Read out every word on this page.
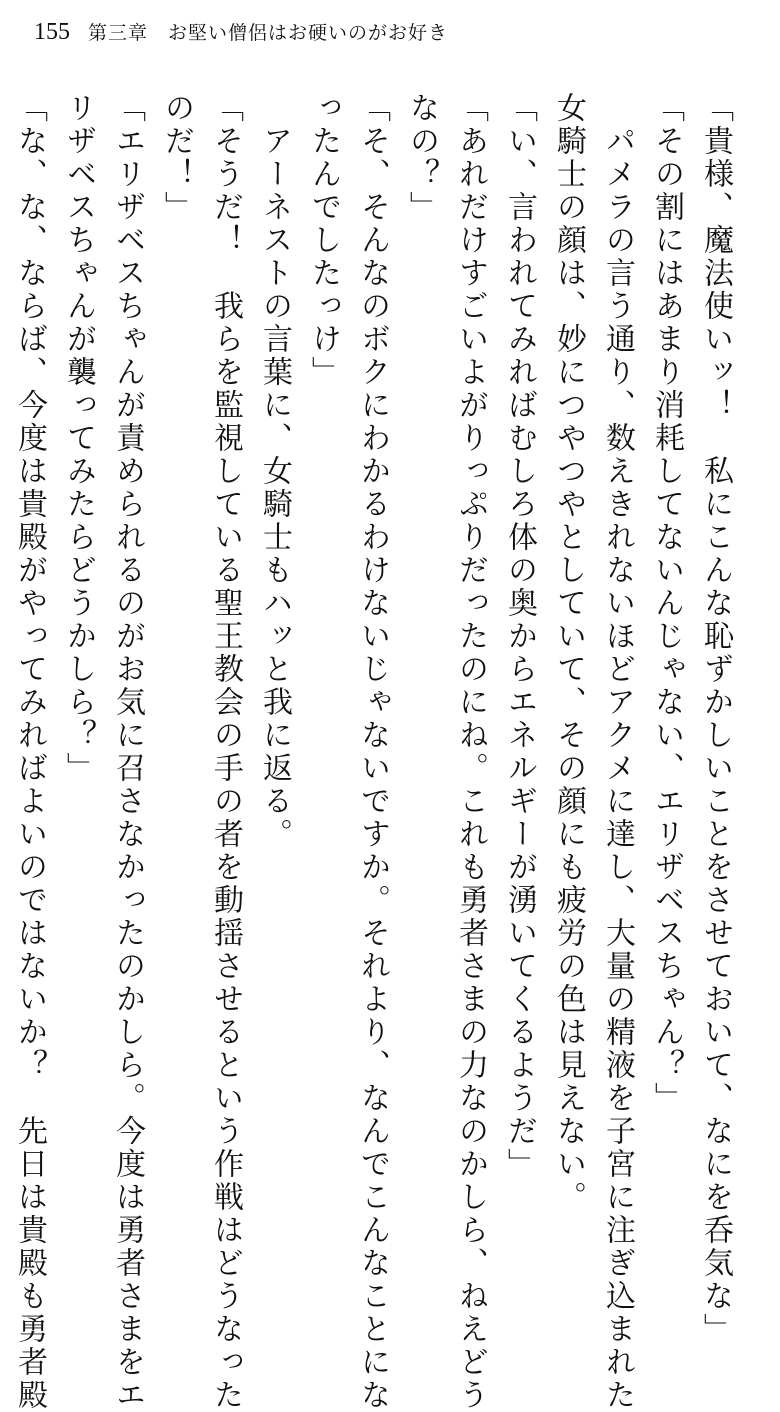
155 第三章　お堅い僧侶はお硬いのがお好き
「貴様、魔法使いッ！　私にこんな恥ずかしいことをさせておいて、なにを呑気な」
「その割にはあまり消耗してないんじゃない、エリザベスちゃん？」
　パメラの言う通り、数えきれないほどアクメに達し、大量の精液を子宮に注ぎ込まれた
女騎士の顔は、妙につやつやとしていて、その顔にも疲労の色は見えない。
「い、言われてみればむしろ体の奥からエネルギーが湧いてくるようだ」
「あれだけすごいよがりっぷりだったのにね。これも勇者さまの力なのかしら、ねえどう
なの？」
「そ、そんなのボクにわかるわけないじゃないですか。それより、なんでこんなことにな
ったんでしたっけ」
　アーネストの言葉に、女騎士もハッと我に返る。
「そうだ！　我らを監視している聖王教会の手の者を動揺させるという作戦はどうなった
のだ！」
「エリザベスちゃんが責められるのがお気に召さなかったのかしら。今度は勇者さまをエ
リザベスちゃんが襲ってみたらどうかしら？」
「な、な、ならば、今度は貴殿がやってみればよいのではないか？　先日は貴殿も勇者殿
